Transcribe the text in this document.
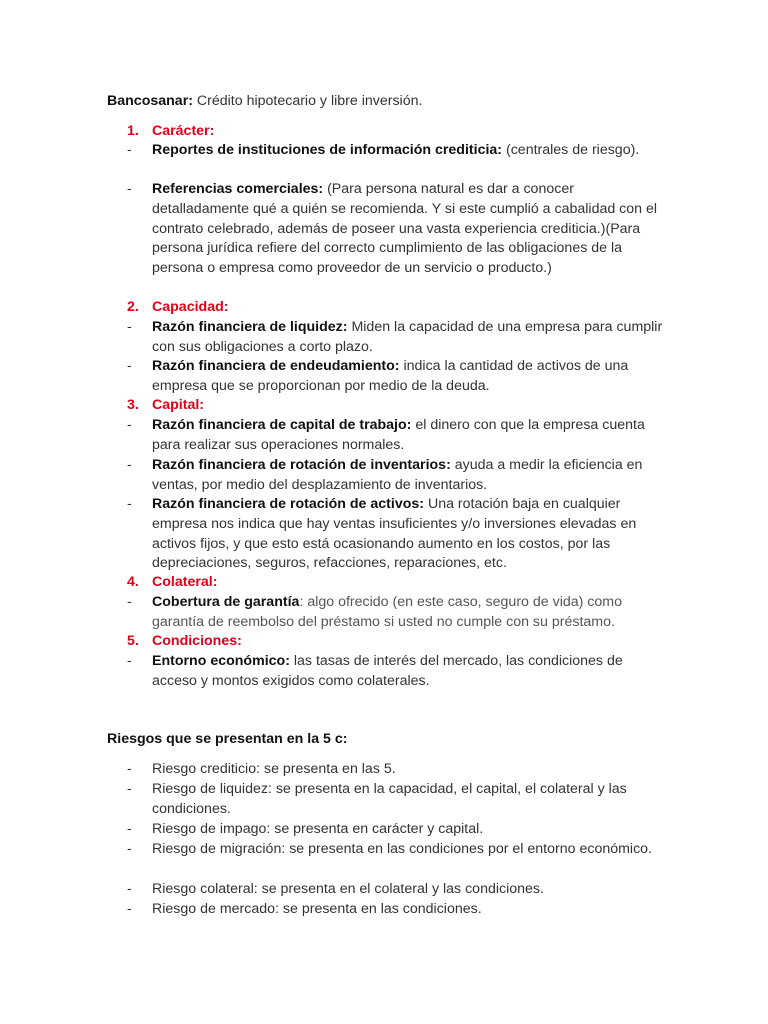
Bancosanar: Crédito hipotecario y libre inversión.
1. Carácter:
-	Reportes de instituciones de información crediticia: (centrales de riesgo).
-	Referencias comerciales: (Para persona natural es dar a conocer detalladamente qué a quién se recomienda. Y si este cumplió a cabalidad con el contrato celebrado, además de poseer una vasta experiencia crediticia.)(Para persona jurídica refiere del correcto cumplimiento de las obligaciones de la persona o empresa como proveedor de un servicio o producto.)
2. Capacidad:
-	Razón financiera de liquidez: Miden la capacidad de una empresa para cumplir con sus obligaciones a corto plazo.
-	Razón financiera de endeudamiento: indica la cantidad de activos de una empresa que se proporcionan por medio de la deuda.
3. Capital:
-	Razón financiera de capital de trabajo: el dinero con que la empresa cuenta para realizar sus operaciones normales.
-	Razón financiera de rotación de inventarios: ayuda a medir la eficiencia en ventas, por medio del desplazamiento de inventarios.
-	Razón financiera de rotación de activos: Una rotación baja en cualquier empresa nos indica que hay ventas insuficientes y/o inversiones elevadas en activos fijos, y que esto está ocasionando aumento en los costos, por las depreciaciones, seguros, refacciones, reparaciones, etc.
4. Colateral:
-	Cobertura de garantía: algo ofrecido (en este caso, seguro de vida) como garantía de reembolso del préstamo si usted no cumple con su préstamo.
5. Condiciones:
-	Entorno económico: las tasas de interés del mercado, las condiciones de acceso y montos exigidos como colaterales.
Riesgos que se presentan en la 5 c:
-	Riesgo crediticio: se presenta en las 5.
-	Riesgo de liquidez: se presenta en la capacidad, el capital, el colateral y las condiciones.
-	Riesgo de impago: se presenta en carácter y capital.
-	Riesgo de migración: se presenta en las condiciones por el entorno económico.
-	Riesgo colateral: se presenta en el colateral y las condiciones.
-	Riesgo de mercado: se presenta en las condiciones.
